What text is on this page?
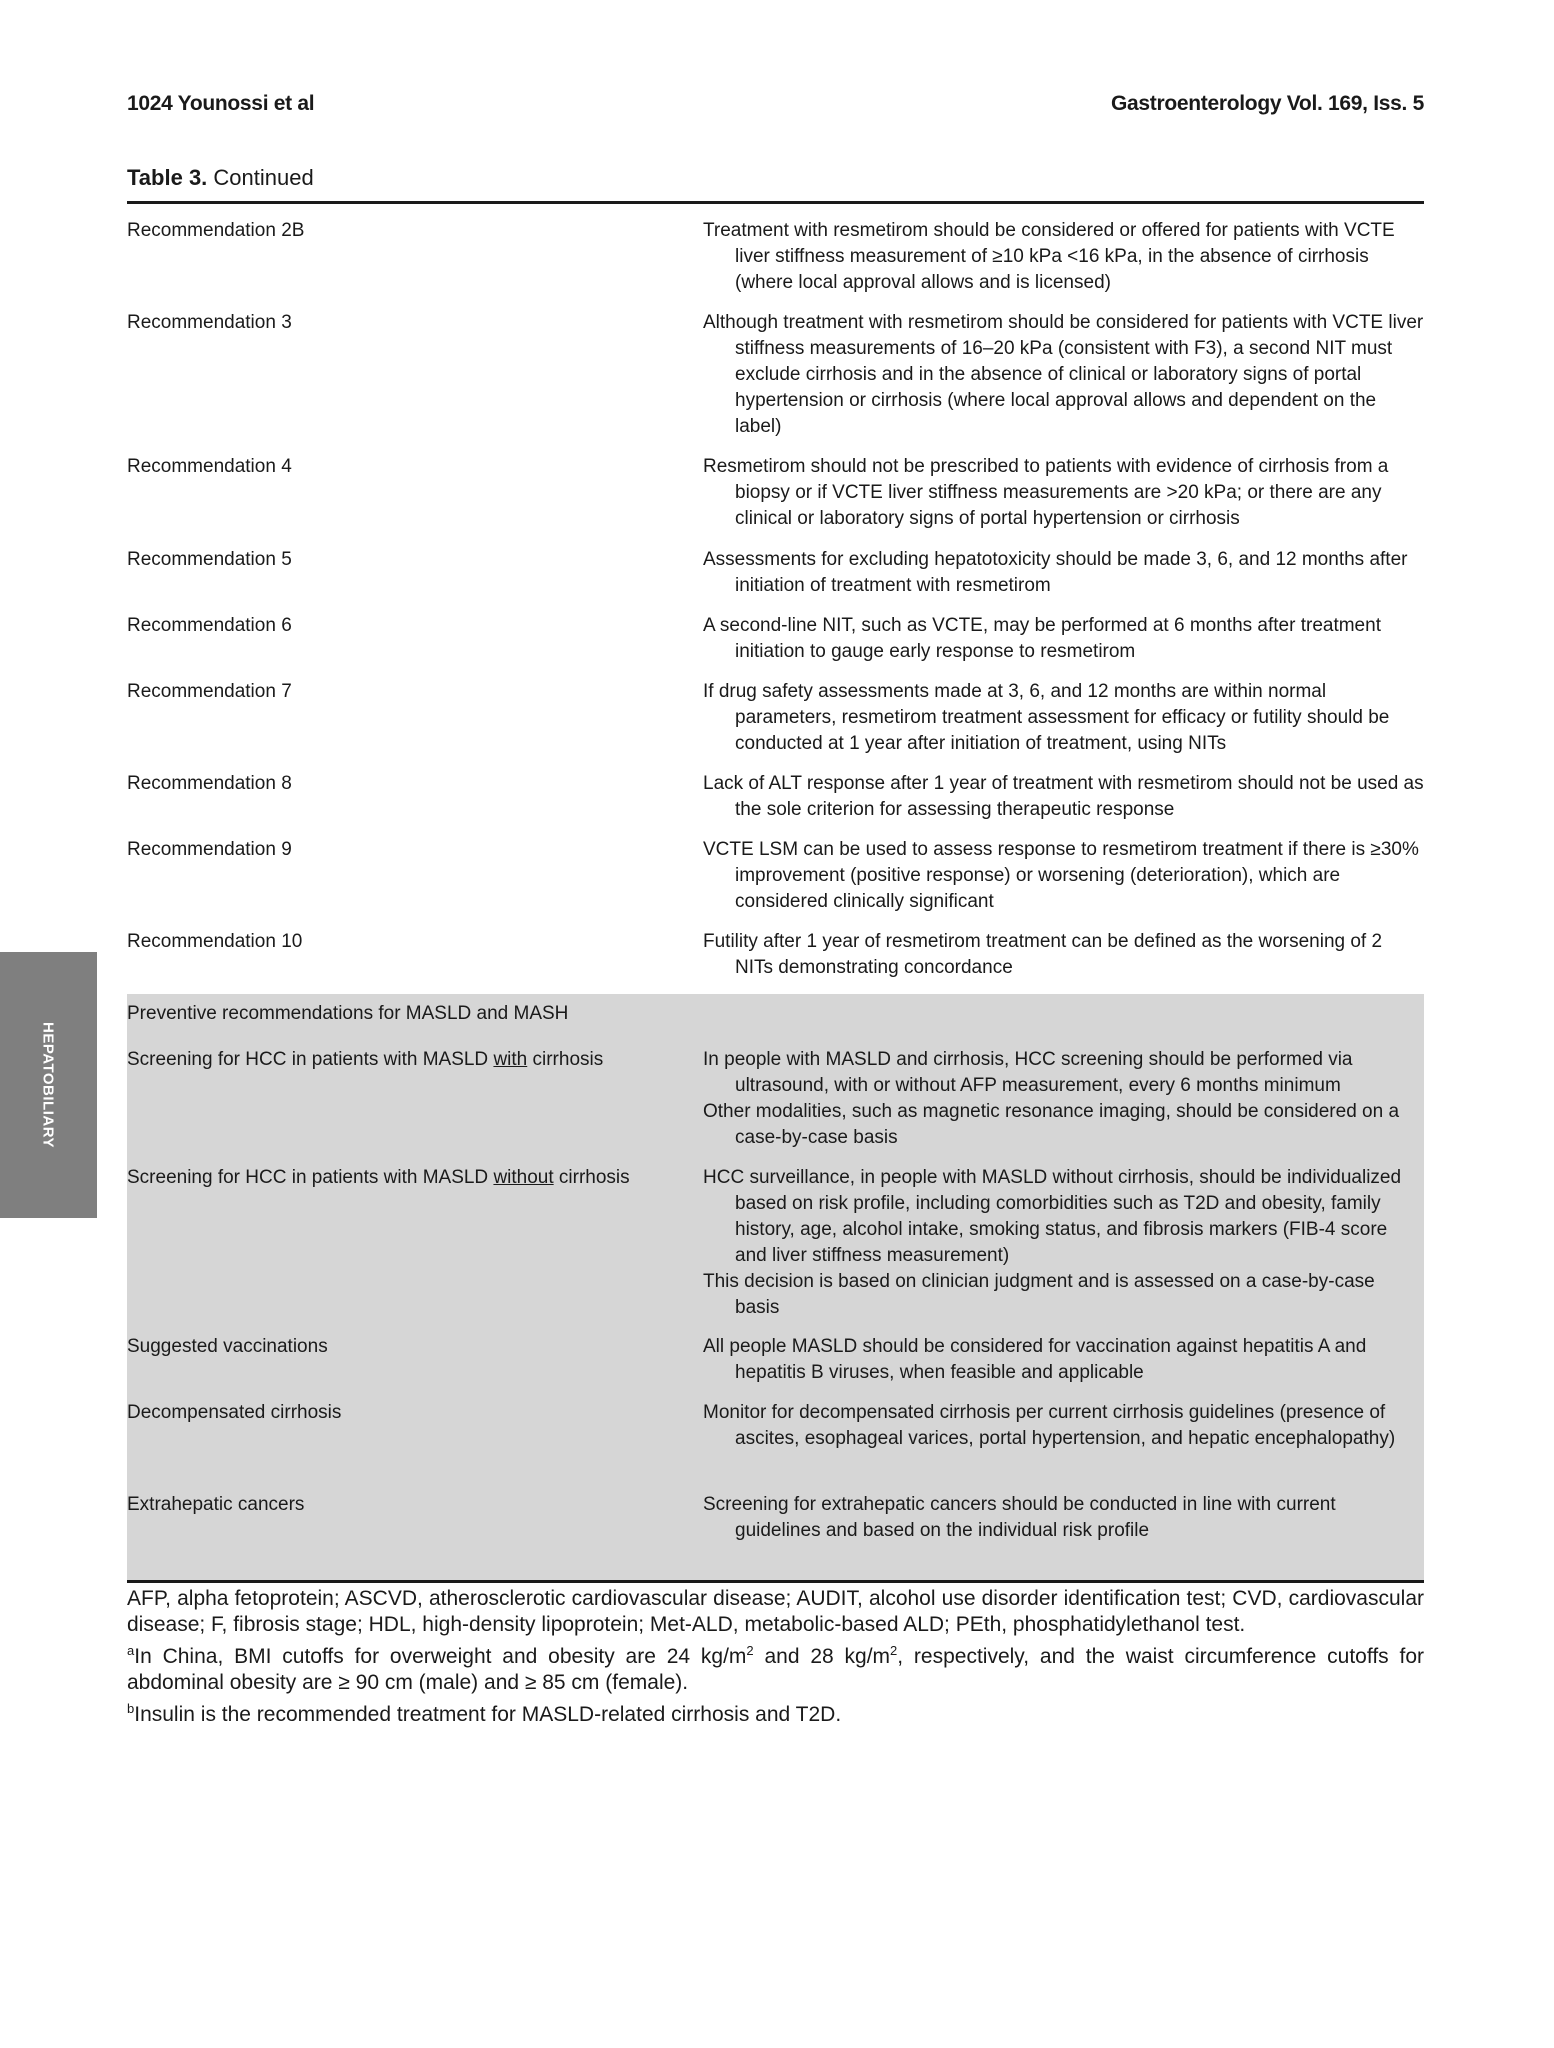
1024 Younossi et al	Gastroenterology Vol. 169, Iss. 5
Table 3. Continued
Recommendation 2B	Treatment with resmetirom should be considered or offered for patients with VCTE liver stiffness measurement of ≥10 kPa <16 kPa, in the absence of cirrhosis (where local approval allows and is licensed)

Recommendation 3	Although treatment with resmetirom should be considered for patients with VCTE liver stiffness measurements of 16–20 kPa (consistent with F3), a second NIT must exclude cirrhosis and in the absence of clinical or laboratory signs of portal hypertension or cirrhosis (where local approval allows and dependent on the label)

Recommendation 4	Resmetirom should not be prescribed to patients with evidence of cirrhosis from a biopsy or if VCTE liver stiffness measurements are >20 kPa; or there are any clinical or laboratory signs of portal hypertension or cirrhosis

Recommendation 5	Assessments for excluding hepatotoxicity should be made 3, 6, and 12 months after initiation of treatment with resmetirom

Recommendation 6	A second-line NIT, such as VCTE, may be performed at 6 months after treatment initiation to gauge early response to resmetirom

Recommendation 7	If drug safety assessments made at 3, 6, and 12 months are within normal parameters, resmetirom treatment assessment for efficacy or futility should be conducted at 1 year after initiation of treatment, using NITs

Recommendation 8	Lack of ALT response after 1 year of treatment with resmetirom should not be used as the sole criterion for assessing therapeutic response

Recommendation 9	VCTE LSM can be used to assess response to resmetirom treatment if there is ≥30% improvement (positive response) or worsening (deterioration), which are considered clinically significant

Recommendation 10	Futility after 1 year of resmetirom treatment can be defined as the worsening of 2 NITs demonstrating concordance

Preventive recommendations for MASLD and MASH
Screening for HCC in patients with MASLD with cirrhosis	In people with MASLD and cirrhosis, HCC screening should be performed via ultrasound, with or without AFP measurement, every 6 months minimum

Other modalities, such as magnetic resonance imaging, should be considered on a case-by-case basis

Screening for HCC in patients with MASLD without cirrhosis	HCC surveillance, in people with MASLD without cirrhosis, should be individualized based on risk profile, including comorbidities such as T2D and obesity, family history, age, alcohol intake, smoking status, and fibrosis markers (FIB-4 score and liver stiffness measurement)

This decision is based on clinician judgment and is assessed on a case-by-case basis

Suggested vaccinations	All people MASLD should be considered for vaccination against hepatitis A and hepatitis B viruses, when feasible and applicable

Decompensated cirrhosis	Monitor for decompensated cirrhosis per current cirrhosis guidelines (presence of ascites, esophageal varices, portal hypertension, and hepatic encephalopathy)

Extrahepatic cancers	Screening for extrahepatic cancers should be conducted in line with current guidelines and based on the individual risk profile

AFP, alpha fetoprotein; ASCVD, atherosclerotic cardiovascular disease; AUDIT, alcohol use disorder identification test; CVD, cardiovascular disease; F, fibrosis stage; HDL, high-density lipoprotein; Met-ALD, metabolic-based ALD; PEth, phosphatidylethanol test.

$^a$In China, BMI cutoffs for overweight and obesity are 24 $kg/m^2$ and 28 $kg/m^2$, respectively, and the waist circumference cutoffs for abdominal obesity are ≥ 90 cm (male) and ≥ 85 cm (female).

$^b$Insulin is the recommended treatment for MASLD-related cirrhosis and T2D.

HEPATOBILIARY
